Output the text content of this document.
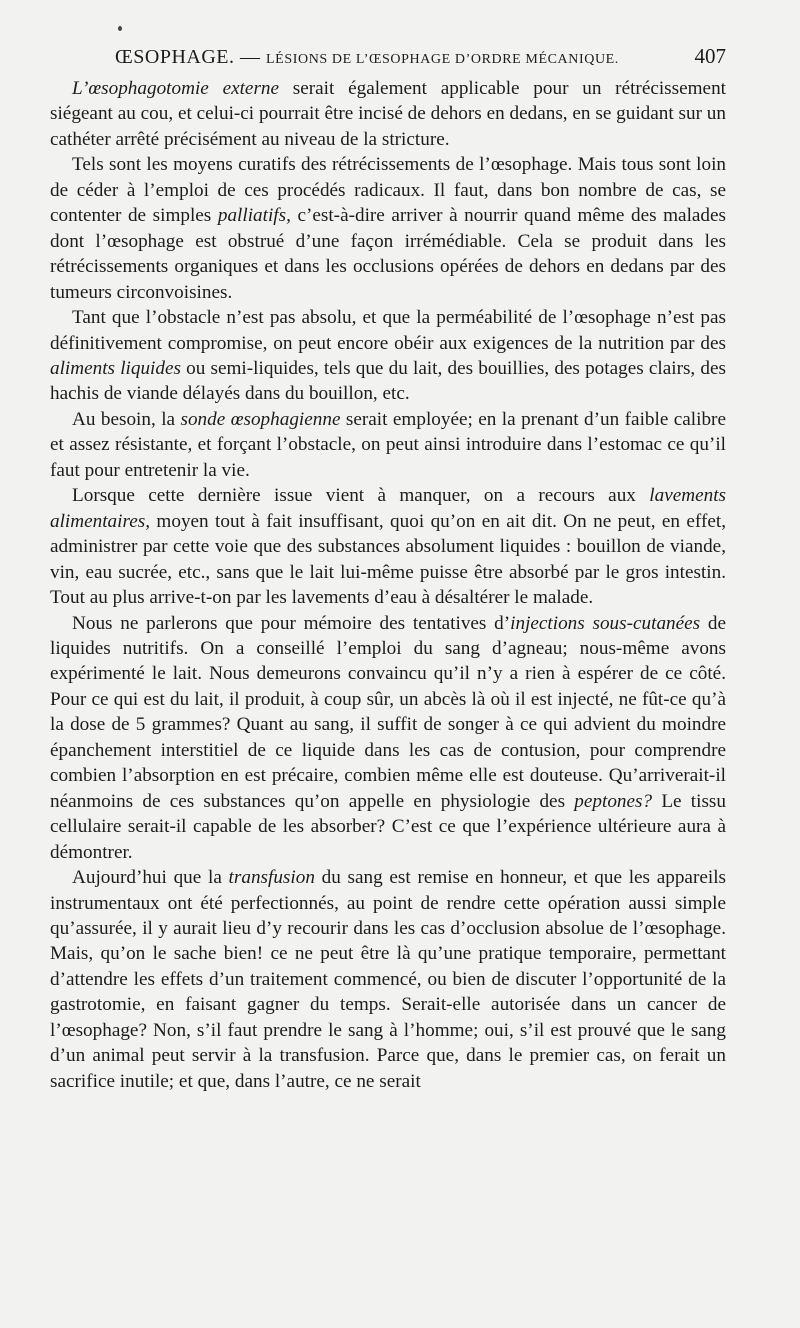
ŒSOPHAGE. — LÉSIONS DE L’ŒSOPHAGE D’ORDRE MÉCANIQUE.	407

L’œsophagotomie externe serait également applicable pour un rétrécissement siégeant au cou, et celui-ci pourrait être incisé de dehors en dedans, en se guidant sur un cathéter arrêté précisément au niveau de la stricture.

Tels sont les moyens curatifs des rétrécissements de l’œsophage. Mais tous sont loin de céder à l’emploi de ces procédés radicaux. Il faut, dans bon nombre de cas, se contenter de simples palliatifs, c’est-à-dire arriver à nourrir quand même des malades dont l’œsophage est obstrué d’une façon irrémédiable. Cela se produit dans les rétrécissements organiques et dans les occlusions opérées de dehors en dedans par des tumeurs circonvoisines.

Tant que l’obstacle n’est pas absolu, et que la perméabilité de l’œsophage n’est pas définitivement compromise, on peut encore obéir aux exigences de la nutrition par des aliments liquides ou semi-liquides, tels que du lait, des bouillies, des potages clairs, des hachis de viande délayés dans du bouillon, etc.

Au besoin, la sonde œsophagienne serait employée; en la prenant d’un faible calibre et assez résistante, et forçant l’obstacle, on peut ainsi introduire dans l’estomac ce qu’il faut pour entretenir la vie.

Lorsque cette dernière issue vient à manquer, on a recours aux lavements alimentaires, moyen tout à fait insuffisant, quoi qu’on en ait dit. On ne peut, en effet, administrer par cette voie que des substances absolument liquides : bouillon de viande, vin, eau sucrée, etc., sans que le lait lui-même puisse être absorbé par le gros intestin. Tout au plus arrive-t-on par les lavements d’eau à désaltérer le malade.

Nous ne parlerons que pour mémoire des tentatives d’injections sous-cutanées de liquides nutritifs. On a conseillé l’emploi du sang d’agneau; nous-même avons expérimenté le lait. Nous demeurons convaincu qu’il n’y a rien à espérer de ce côté. Pour ce qui est du lait, il produit, à coup sûr, un abcès là où il est injecté, ne fût-ce qu’à la dose de 5 grammes? Quant au sang, il suffit de songer à ce qui advient du moindre épanchement interstitiel de ce liquide dans les cas de contusion, pour comprendre combien l’absorption en est précaire, combien même elle est douteuse. Qu’arriverait-il néanmoins de ces substances qu’on appelle en physiologie des peptones? Le tissu cellulaire serait-il capable de les absorber? C’est ce que l’expérience ultérieure aura à démontrer.

Aujourd’hui que la transfusion du sang est remise en honneur, et que les appareils instrumentaux ont été perfectionnés, au point de rendre cette opération aussi simple qu’assurée, il y aurait lieu d’y recourir dans les cas d’occlusion absolue de l’œsophage. Mais, qu’on le sache bien! ce ne peut être là qu’une pratique temporaire, permettant d’attendre les effets d’un traitement commencé, ou bien de discuter l’opportunité de la gastrotomie, en faisant gagner du temps. Serait-elle autorisée dans un cancer de l’œsophage? Non, s’il faut prendre le sang à l’homme; oui, s’il est prouvé que le sang d’un animal peut servir à la transfusion. Parce que, dans le premier cas, on ferait un sacrifice inutile; et que, dans l’autre, ce ne serait
